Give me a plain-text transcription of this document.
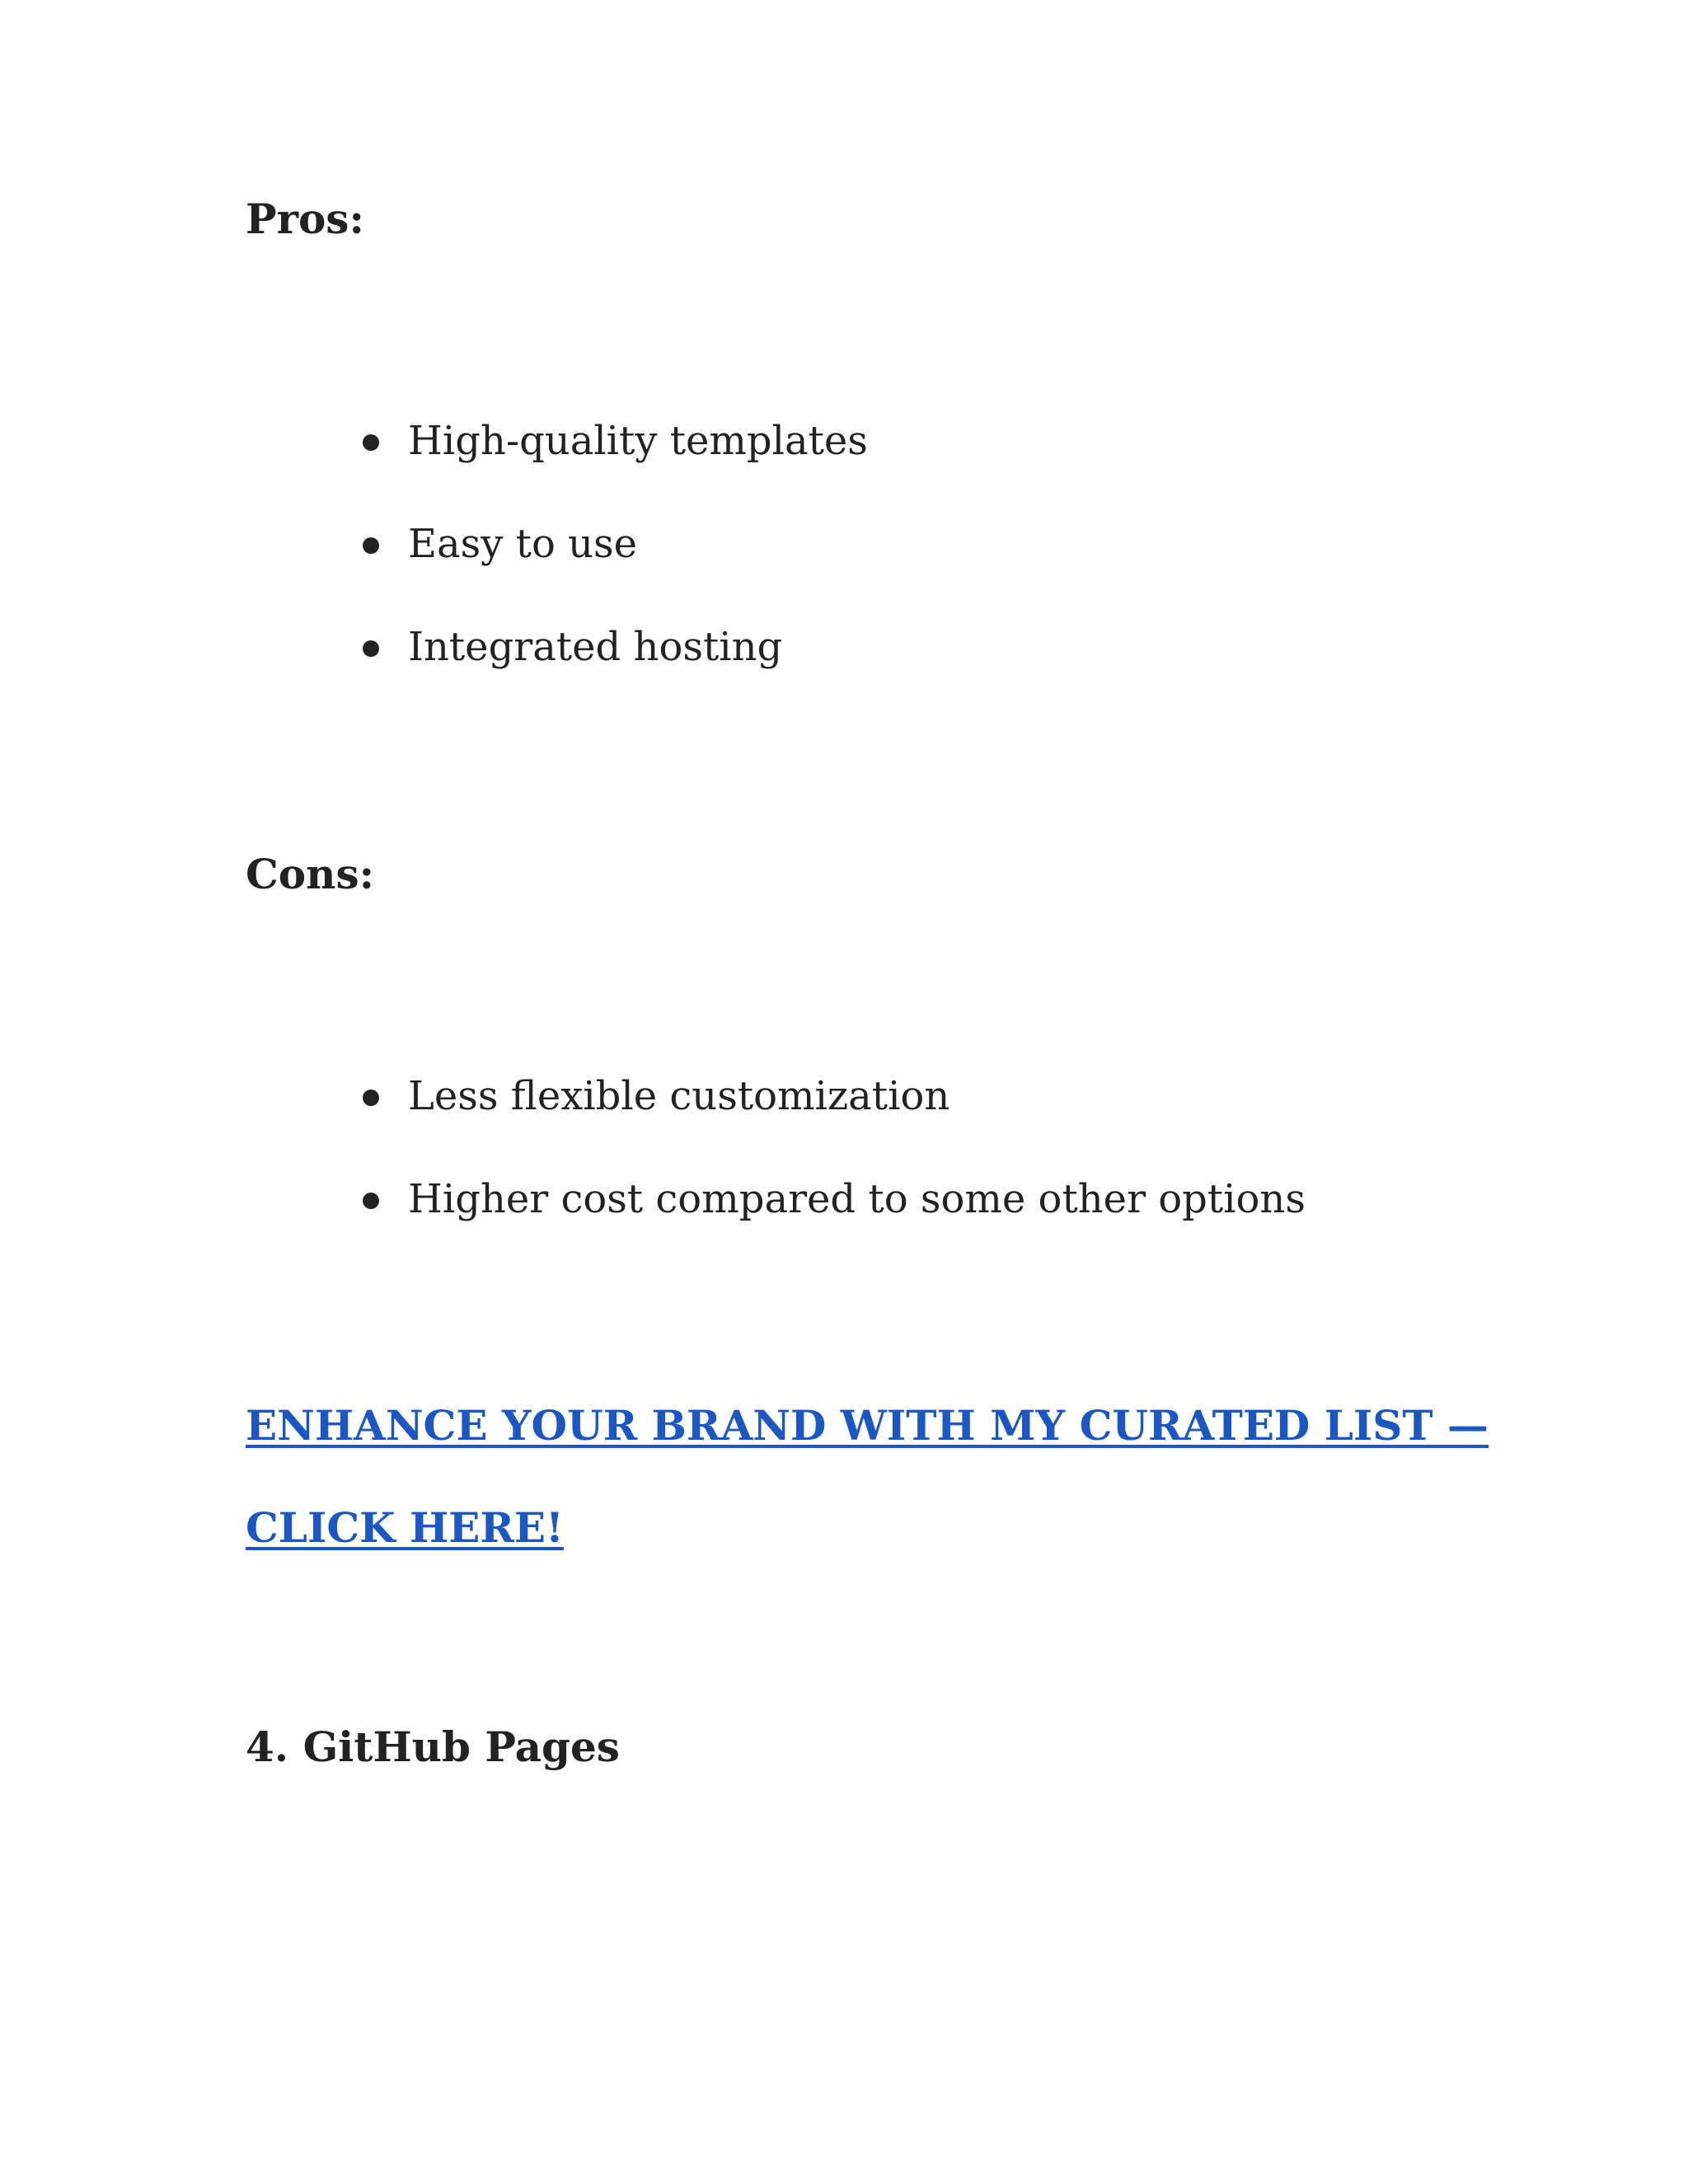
Pros:
High-quality templates
Easy to use
Integrated hosting
Cons:
Less flexible customization
Higher cost compared to some other options
ENHANCE YOUR BRAND WITH MY CURATED LIST —
CLICK HERE!
4. GitHub Pages
